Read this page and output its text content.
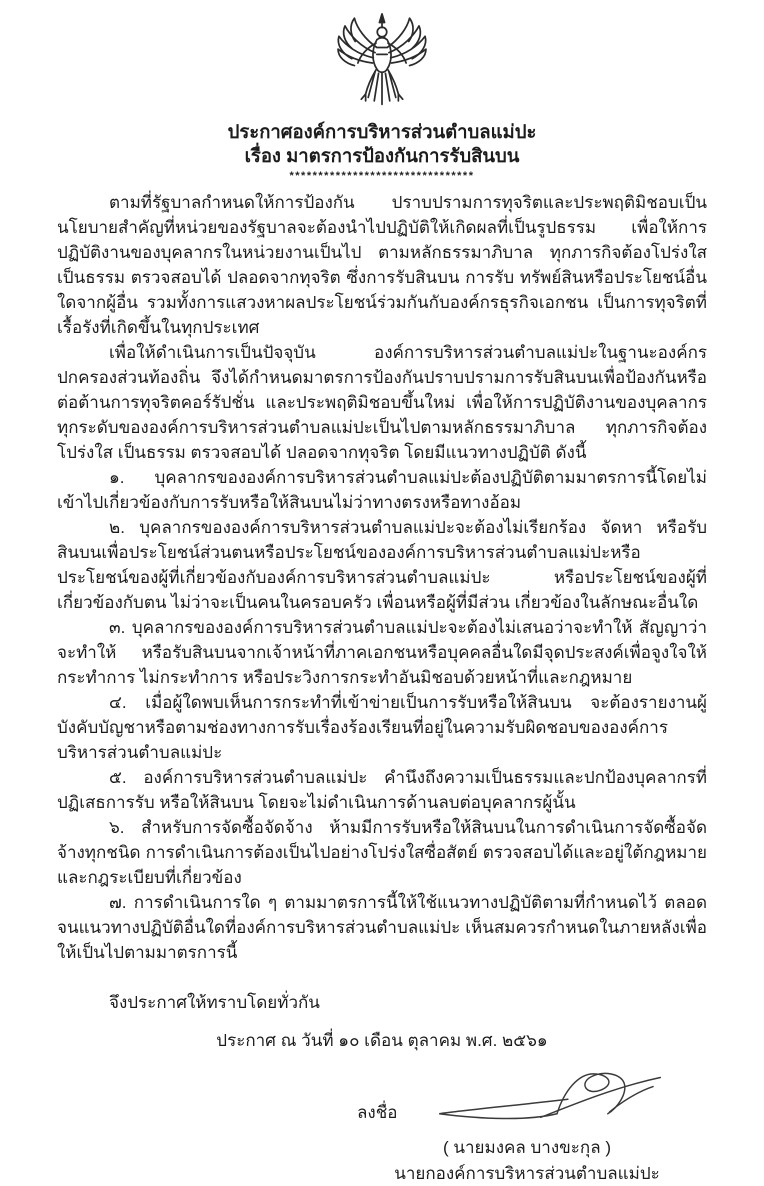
ประกาศองค์การบริหารส่วนตำบลแม่ปะ
เรื่อง มาตรการป้องกันการรับสินบน
********************************

ตามที่รัฐบาลกำหนดให้การป้องกัน ปราบปรามการทุจริตและประพฤติมิชอบเป็นนโยบายสำคัญที่หน่วยของรัฐบาลจะต้องนำไปปฏิบัติให้เกิดผลที่เป็นรูปธรรม เพื่อให้การปฏิบัติงานของบุคลากรในหน่วยงานเป็นไป ตามหลักธรรมาภิบาล ทุกภารกิจต้องโปร่งใส เป็นธรรม ตรวจสอบได้ ปลอดจากทุจริต ซึ่งการรับสินบน การรับ ทรัพย์สินหรือประโยชน์อื่นใดจากผู้อื่น รวมทั้งการแสวงหาผลประโยชน์ร่วมกันกับองค์กรธุรกิจเอกชน เป็นการทุจริตที่ เรื้อรังที่เกิดขึ้นในทุกประเทศ

เพื่อให้ดำเนินการเป็นปัจจุบัน องค์การบริหารส่วนตำบลแม่ปะในฐานะองค์กรปกครองส่วนท้องถิ่น จึงได้กำหนดมาตรการป้องกันปราบปรามการรับสินบนเพื่อป้องกันหรือต่อต้านการทุจริตคอร์รัปชั่น และประพฤติมิชอบขึ้นใหม่ เพื่อให้การปฏิบัติงานของบุคลากรทุกระดับขององค์การบริหารส่วนตำบลแม่ปะเป็นไปตามหลักธรรมาภิบาล ทุกภารกิจต้องโปร่งใส เป็นธรรม ตรวจสอบได้ ปลอดจากทุจริต โดยมีแนวทางปฏิบัติ ดังนี้

๑. บุคลากรขององค์การบริหารส่วนตำบลแม่ปะต้องปฏิบัติตามมาตรการนี้โดยไม่เข้าไปเกี่ยวข้องกับการรับหรือให้สินบนไม่ว่าทางตรงหรือทางอ้อม

๒. บุคลากรขององค์การบริหารส่วนตำบลแม่ปะจะต้องไม่เรียกร้อง จัดหา หรือรับสินบนเพื่อประโยชน์ส่วนตนหรือประโยชน์ขององค์การบริหารส่วนตำบลแม่ปะหรือประโยชน์ของผู้ที่เกี่ยวข้องกับองค์การบริหารส่วนตำบลแม่ปะ หรือประโยชน์ของผู้ที่เกี่ยวข้องกับตน ไม่ว่าจะเป็นคนในครอบครัว เพื่อนหรือผู้ที่มีส่วน เกี่ยวข้องในลักษณะอื่นใด

๓. บุคลากรขององค์การบริหารส่วนตำบลแม่ปะจะต้องไม่เสนอว่าจะทำให้ สัญญาว่าจะทำให้ หรือรับสินบนจากเจ้าหน้าที่ภาคเอกชนหรือบุคคลอื่นใดมีจุดประสงค์เพื่อจูงใจให้กระทำการ ไม่กระทำการ หรือประวิงการกระทำอันมิชอบด้วยหน้าที่และกฎหมาย

๔. เมื่อผู้ใดพบเห็นการกระทำที่เข้าข่ายเป็นการรับหรือให้สินบน จะต้องรายงานผู้บังคับบัญชาหรือตามช่องทางการรับเรื่องร้องเรียนที่อยู่ในความรับผิดชอบขององค์การบริหารส่วนตำบลแม่ปะ

๕. องค์การบริหารส่วนตำบลแม่ปะ คำนึงถึงความเป็นธรรมและปกป้องบุคลากรที่ปฏิเสธการรับ หรือให้สินบน โดยจะไม่ดำเนินการด้านลบต่อบุคลากรผู้นั้น

๖. สำหรับการจัดซื้อจัดจ้าง ห้ามมีการรับหรือให้สินบนในการดำเนินการจัดซื้อจัดจ้างทุกชนิด การดำเนินการต้องเป็นไปอย่างโปร่งใสซื่อสัตย์ ตรวจสอบได้และอยู่ใต้กฎหมายและกฎระเบียบที่เกี่ยวข้อง

๗. การดำเนินการใด ๆ ตามมาตรการนี้ให้ใช้แนวทางปฏิบัติตามที่กำหนดไว้ ตลอดจนแนวทางปฏิบัติอื่นใดที่องค์การบริหารส่วนตำบลแม่ปะ เห็นสมควรกำหนดในภายหลังเพื่อให้เป็นไปตามมาตรการนี้

จึงประกาศให้ทราบโดยทั่วกัน

ประกาศ ณ วันที่ ๑๐ เดือน ตุลาคม พ.ศ. ๒๕๖๑

ลงชื่อ
( นายมงคล บางขะกุล )
นายกองค์การบริหารส่วนตำบลแม่ปะ
